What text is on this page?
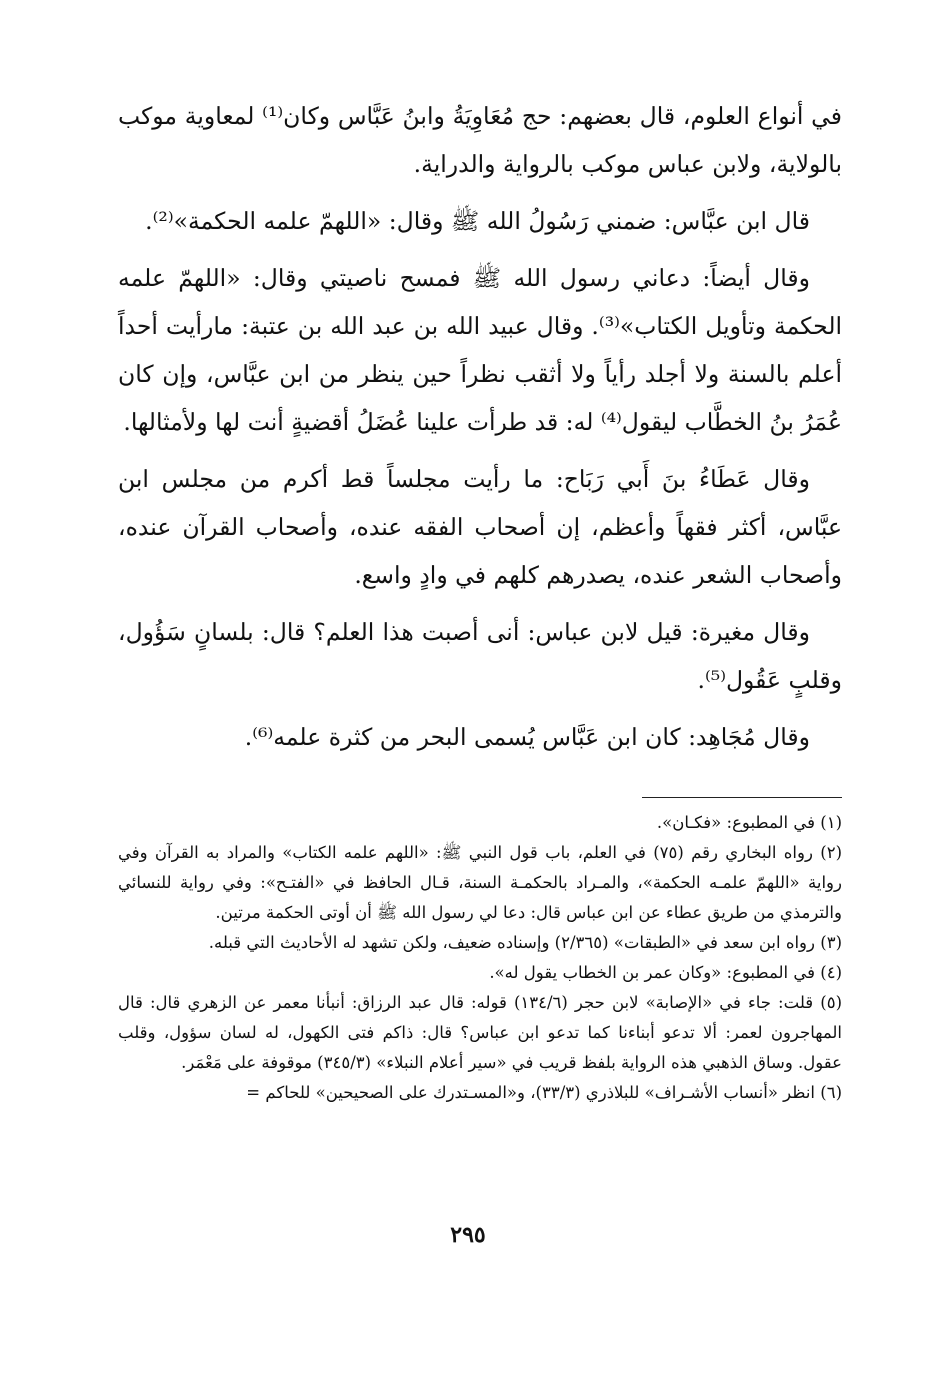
في أنواع العلوم، قال بعضهم: حج مُعَاوِيَةُ وابنُ عَبَّاس وكان⁽¹⁾ لمعاوية موكب بالولاية، ولابن عباس موكب بالرواية والدراية.

قال ابن عبَّاس: ضمني رَسُولُ الله ﷺ وقال: «اللهمّ علمه الحكمة»⁽²⁾.

وقال أيضاً: دعاني رسول الله ﷺ فمسح ناصيتي وقال: «اللهمّ علمه الحكمة وتأويل الكتاب»⁽³⁾. وقال عبيد الله بن عبد الله بن عتبة: مارأيت أحداً أعلم بالسنة ولا أجلد رأياً ولا أثقب نظراً حين ينظر من ابن عبَّاس، وإن كان عُمَرُ بنُ الخطَّاب ليقول⁽⁴⁾ له: قد طرأت علينا عُضَلُ أقضيةٍ أنت لها ولأمثالها.

وقال عَطَاءُ بنَ أَبي رَبَاح: ما رأيت مجلساً قط أكرم من مجلس ابن عبَّاس، أكثر فقهاً وأعظم، إن أصحاب الفقه عنده، وأصحاب القرآن عنده، وأصحاب الشعر عنده، يصدرهم كلهم في وادٍ واسع.

وقال مغيرة: قيل لابن عباس: أنى أصبت هذا العلم؟ قال: بلسانٍ سَؤُول، وقلبٍ عَقُول⁽⁵⁾.

وقال مُجَاهِد: كان ابن عَبَّاس يُسمى البحر من كثرة علمه⁽⁶⁾.

(١) في المطبوع: «فكـان».

(٢) رواه البخاري رقم (٧٥) في العلم، باب قول النبي ﷺ: «اللهم علمه الكتاب» والمراد به القرآن وفي رواية «اللهمّ علمـه الحكمة»، والمـراد بالحكمـة السنة، قـال الحافظ في «الفتـح»: وفي رواية للنسائي والترمذي من طريق عطاء عن ابن عباس قال: دعا لي رسول الله ﷺ أن أوتى الحكمة مرتين.

(٣) رواه ابن سعد في «الطبقات» (٢/٣٦٥) وإسناده ضعيف، ولكن تشهد له الأحاديث التي قبله.

(٤) في المطبوع: «وكان عمر بن الخطاب يقول له».

(٥) قلت: جاء في «الإصابة» لابن حجر (١٣٤/٦) قوله: قال عبد الرزاق: أنبأنا معمر عن الزهري قال: قال المهاجرون لعمر: ألا تدعو أبناءنا كما تدعو ابن عباس؟ قال: ذاكم فتى الكهول، له لسان سؤول، وقلب عقول. وساق الذهبي هذه الرواية بلفظ قريب في «سير أعلام النبلاء» (٣٤٥/٣) موقوفة على مَعْمَر.

(٦) انظر «أنساب الأشـراف» للبلاذري (٣٣/٣)، و«المسـتدرك على الصحيحين» للحاكم =

٢٩٥
